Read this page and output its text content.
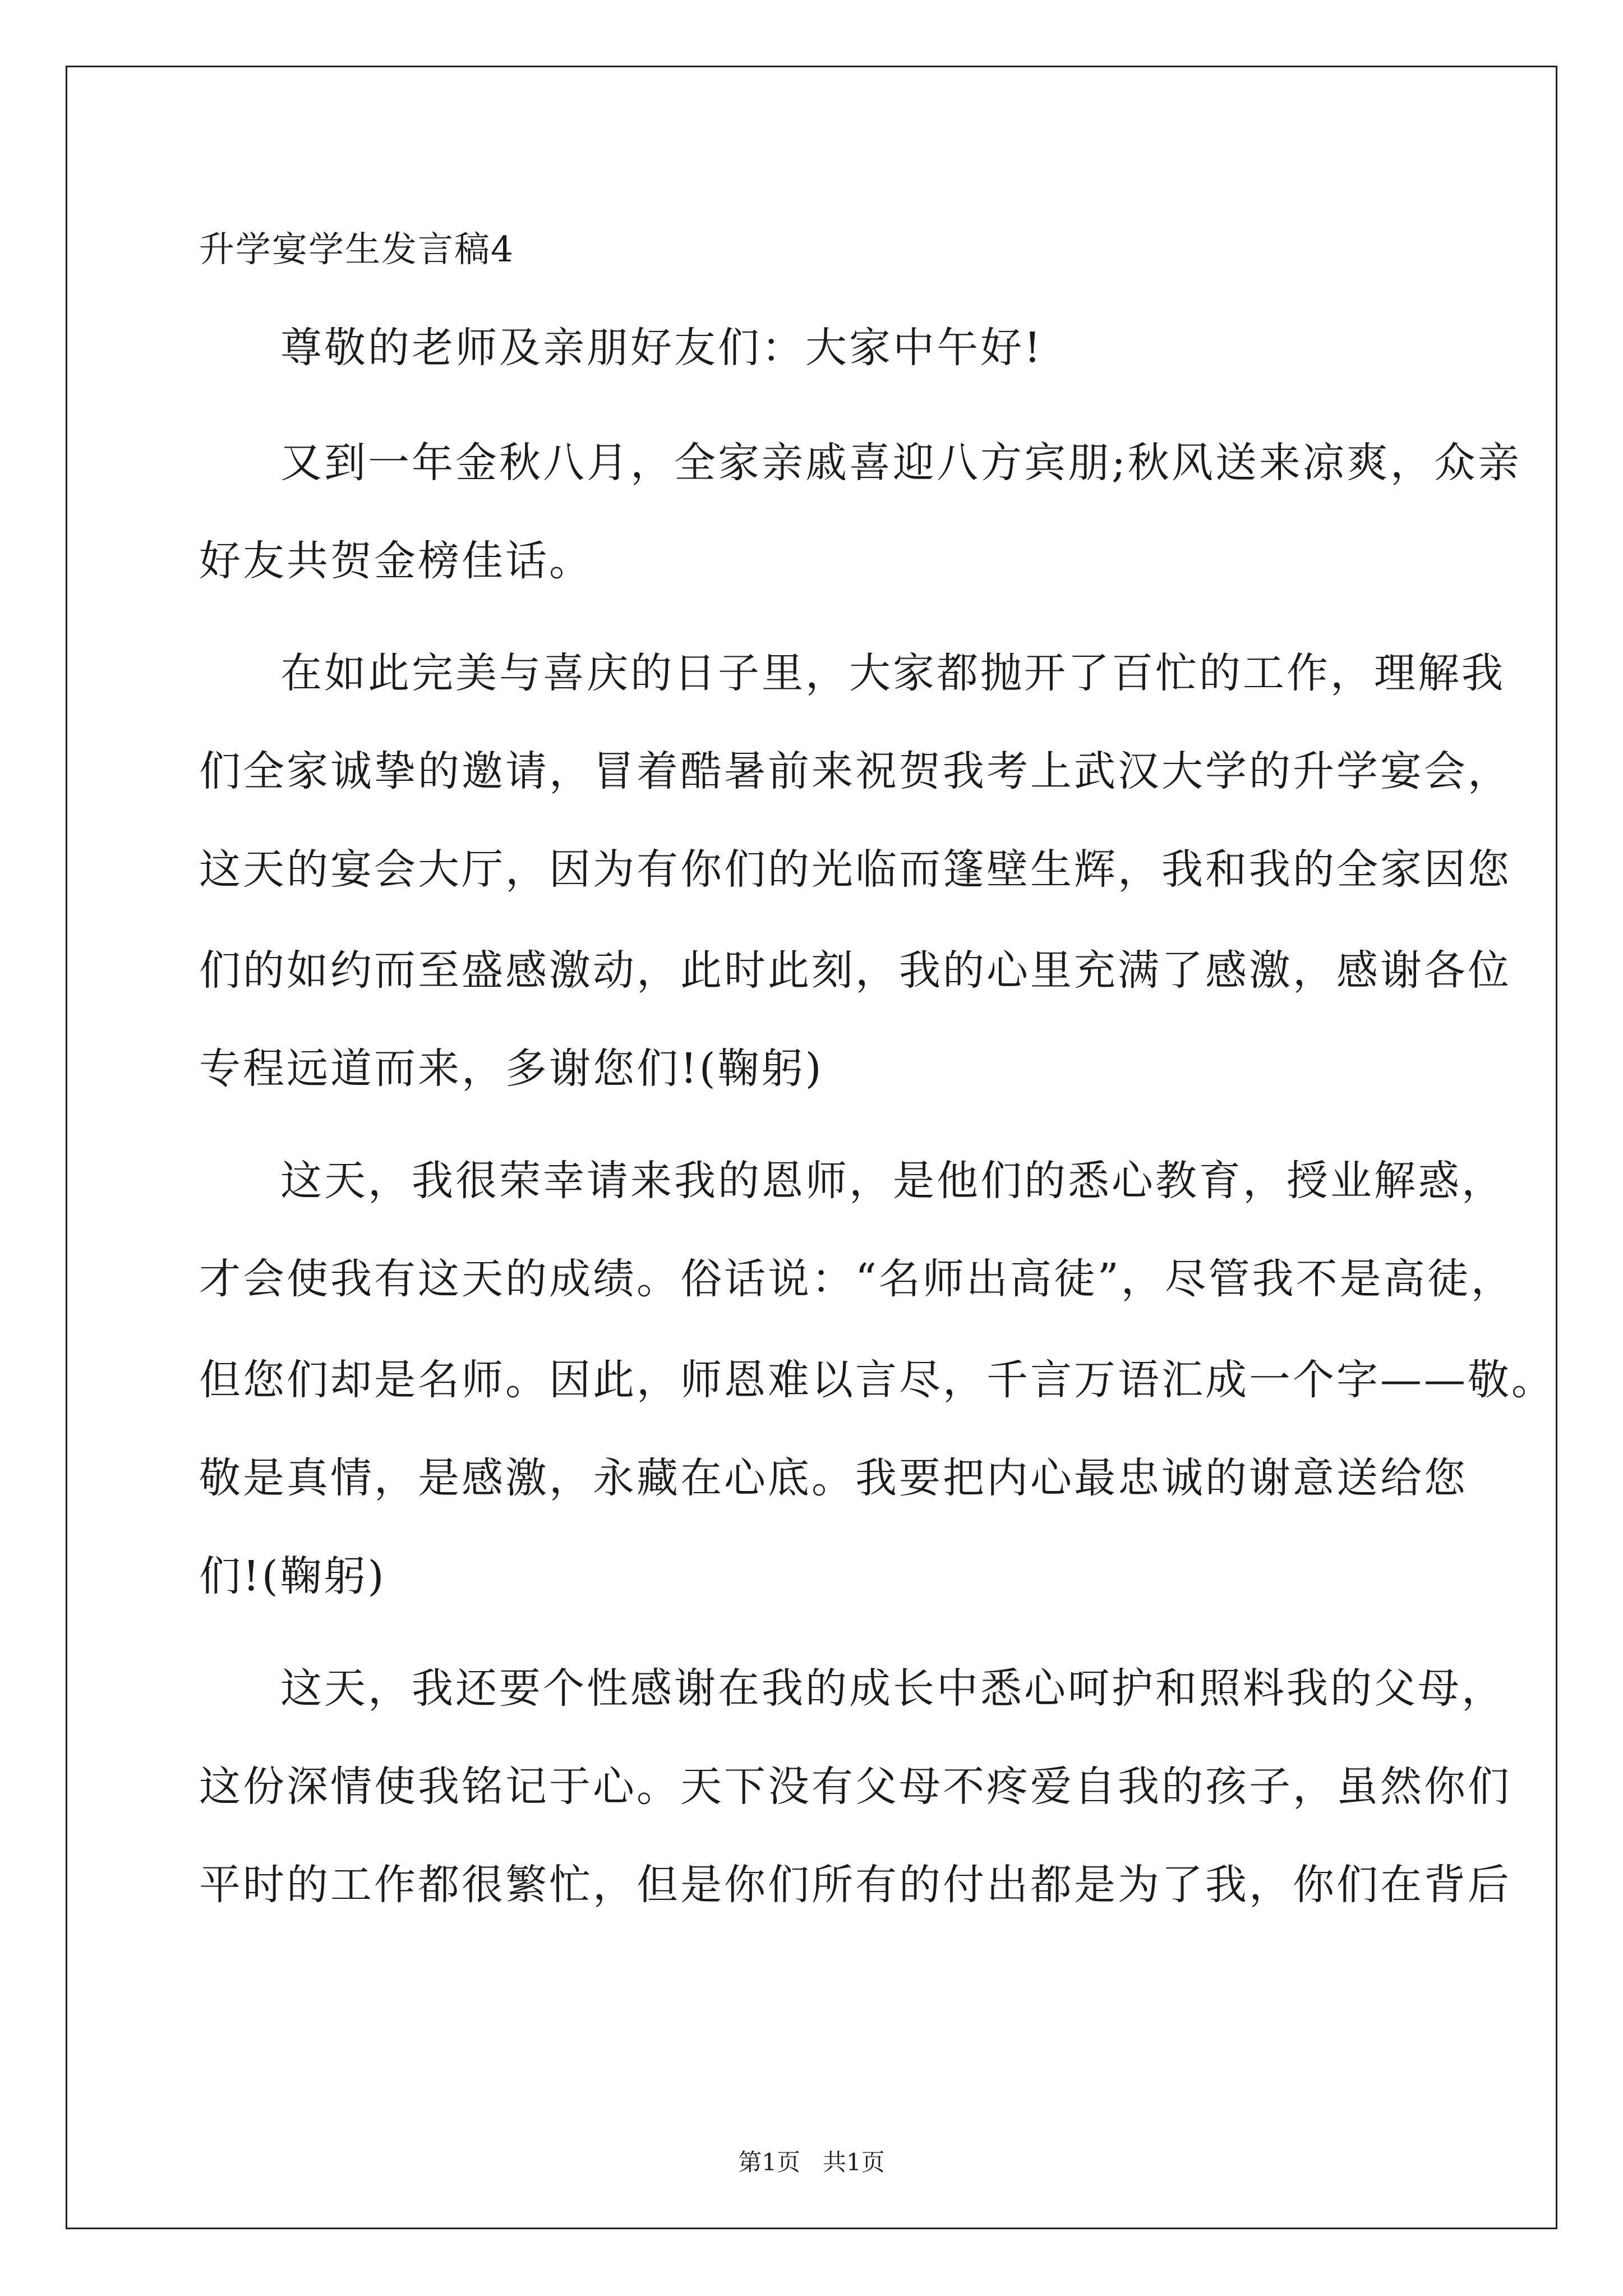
升学宴学生发言稿4
尊敬的老师及亲朋好友们：大家中午好!
又到一年金秋八月，全家亲戚喜迎八方宾朋;秋风送来凉爽，众亲
好友共贺金榜佳话。
在如此完美与喜庆的日子里，大家都抛开了百忙的工作，理解我
们全家诚挚的邀请，冒着酷暑前来祝贺我考上武汉大学的升学宴会，
这天的宴会大厅，因为有你们的光临而篷壁生辉，我和我的全家因您
们的如约而至盛感激动，此时此刻，我的心里充满了感激，感谢各位
专程远道而来，多谢您们!(鞠躬)
这天，我很荣幸请来我的恩师，是他们的悉心教育，授业解惑，
才会使我有这天的成绩。俗话说：“名师出高徒”，尽管我不是高徒，
但您们却是名师。因此，师恩难以言尽，千言万语汇成一个字——敬。
敬是真情，是感激，永藏在心底。我要把内心最忠诚的谢意送给您
们!(鞠躬)
这天，我还要个性感谢在我的成长中悉心呵护和照料我的父母，
这份深情使我铭记于心。天下没有父母不疼爱自我的孩子，虽然你们
平时的工作都很繁忙，但是你们所有的付出都是为了我，你们在背后
第1页   共1页
